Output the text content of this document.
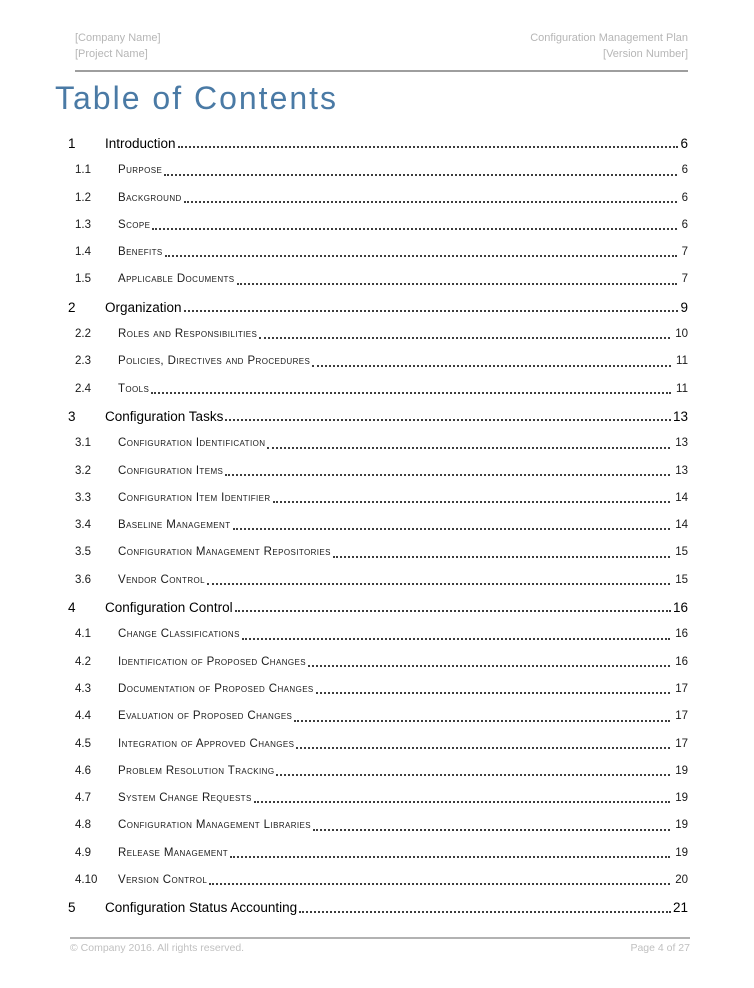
[Company Name]
[Project Name]
Configuration Management Plan
[Version Number]
Table of Contents
1	Introduction	6
1.1	Purpose	6
1.2	Background	6
1.3	Scope	6
1.4	Benefits	7
1.5	Applicable Documents	7
2	Organization	9
2.2	Roles and Responsibilities	10
2.3	Policies, Directives and Procedures	11
2.4	Tools	11
3	Configuration Tasks	13
3.1	Configuration Identification	13
3.2	Configuration Items	13
3.3	Configuration Item Identifier	14
3.4	Baseline Management	14
3.5	Configuration Management Repositories	15
3.6	Vendor Control	15
4	Configuration Control	16
4.1	Change Classifications	16
4.2	Identification of Proposed Changes	16
4.3	Documentation of Proposed Changes	17
4.4	Evaluation of Proposed Changes	17
4.5	Integration of Approved Changes	17
4.6	Problem Resolution Tracking	19
4.7	System Change Requests	19
4.8	Configuration Management Libraries	19
4.9	Release Management	19
4.10	Version Control	20
5	Configuration Status Accounting	21
© Company 2016. All rights reserved.	Page 4 of 27
